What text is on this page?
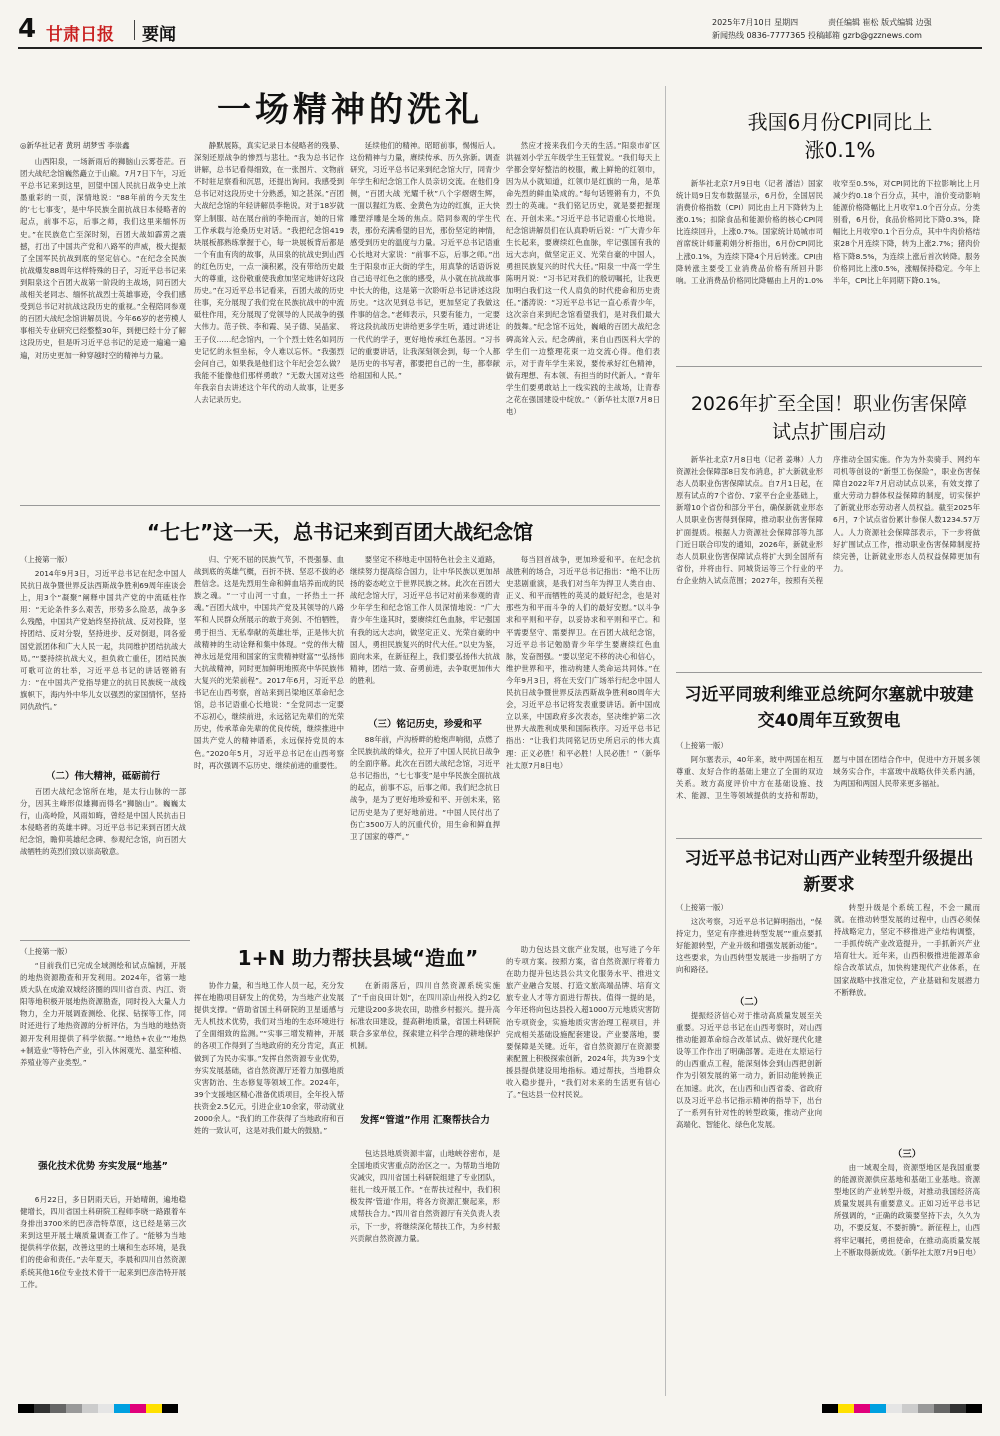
4 甘肃日报 要闻
2025年7月10日 星期四	责任编辑 崔松 版式编辑 边强
新闻热线 0836-7777365 投稿邮箱 gzrb@gzznews.com
一场精神的洗礼
◎新华社记者 黄玥 胡梦雪 李崇鑫

山西阳泉，一场新雨后的狮脑山云雾苍茫。百团大战纪念馆巍然矗立于山巅。7月7日下午，习近平总书记来到这里，回望中国人民抗日战争史上浓墨重彩的一页，深情地说：“88年前的今天发生的‘七七事变’，是中华民族全面抗战日本侵略者的起点，前事不忘，后事之师，我们这里来缅怀历史。”在民族危亡至深时刻，百团大战如霹雳之震撼，打出了中国共产党和八路军的声威，极大提振了全国军民抗战到底的坚定信心。“在纪念全民族抗战爆发88周年这样特殊的日子，习近平总书记来到阳泉这个百团大战第一阶段的主战场，同百团大战相关老同志、缅怀抗战烈士英雄事迹，令我们感受到总书记对抗战这段历史的重视。”全程陪同参观的百团大战纪念馆讲解员说。今年66岁的老劳模人事相关专业研究已经整整30年，到便已经十分了解这段历史，但是听习近平总书记的足迹一遍遍一遍遍，对历史更加一种穿越时空的精神与力量。

静默展陈，真实记录日本侵略者的残暴、深刻还原战争的惨烈与悲壮。“我为总书记作讲解，总书记看得细致，在一张图片、文物前不时驻足察看和沉思，还提出询问。我感受到总书记对这段历史十分熟悉，知之甚深。”百团大战纪念馆的年轻讲解员李艳说。对于18岁就穿上制服、站在展台前的李艳而言，她的日常工作承载与沧桑历史对话。“我把纪念馆419块展板都熟练掌握于心，每一块展板背后都是一个有血有肉的故事，从田泉的抗战史到山西的红色历史，一点一滴积累，没有带给历史最大的尊重，这份敬重使我愈加坚定地讲好这段历史。”在习近平总书记看来，百团大战的历史往事，充分展现了我们党在民族抗战中的中流砥柱作用，充分展现了党领导的人民战争的强大伟力。范子铁、李和霞、吴子德、吴晶家、王子仪……纪念馆内，一个个烈士姓名如同历史记忆的永恒坐标，令人难以忘怀。“我强烈会问自己，如果我是他们这个年纪会怎么做？我能不能像他们那样勇敢？”无数大国对这些年我亲自去讲述这个年代的动人故事，让更多人去记录历史。

延续他们的精神。昭昭前事，惕惕后人。这份精神与力量，赓续传承、历久弥新。调查研究，习近平总书记来到纪念馆大厅，同青少年学生和纪念馆工作人员亲切交流。在他们身侧，“百团大战 光耀千秋”八个字熠熠生辉，一面以猩红为底、金黄色为边的红旗，正大快雕塑浮雕是全场的焦点。陪同参观的学生代表，那份充满希望的目光，那份坚定的神情，感受到历史的温度与力量。习近平总书记语重心长地对大家说：“前事不忘，后事之师。”出生于阳泉市正大街的学生，用真挚的话语诉说自己追寻红色之旅的感受，从小就在抗战故事中长大的他，这是第一次聆听总书记讲述这段历史。“这次见到总书记，更加坚定了我做这件事的信念。”老师表示，只要有能力，一定要将这段抗战历史讲给更多学生听，通过讲述让一代代的学子，更好地传承红色基因。“习书记的重要讲话，让我深刻领会到，每一个人都是历史的书写者，都要把自己的一生，都奉献给祖国和人民。”

然应才接来我们今天的生活。”阳泉市矿区洪福刘小学五年级学生王钰萱说。“我们每天上学都会穿好整洁的校服，戴上鲜艳的红领巾，因为从小就知道，红领巾是红旗的一角，是革命先烈的鲜血染成的。”每句话铿锵有力，不负烈士的英魂。“我们铭记历史，就是要把握现在、开创未来。”习近平总书记语重心长地说。纪念馆讲解员们在认真聆听后说：“广大青少年生长起来，要赓续红色血脉，牢记强国有我的远大志向，做坚定正义、光荣自豪的中国人，勇担民族复兴的时代大任。”阳泉一中高一学生陈明月说：“习书记对我们的殷切嘱托，让我更加明白我们这一代人肩负的时代使命和历史责任。”潘涛说：“习近平总书记一直心系青少年，这次亲自来到纪念馆看望我们，是对我们最大的鼓舞。”纪念馆不远处，巍峨的百团大战纪念碑高耸入云。纪念碑前，来自山西医科大学的学生们一边整理花束一边交流心得。他们表示，对于青年学生来说，要传承好红色精神，做有理想、有本领、有担当的时代新人。“青年学生们要勇敢站上一线实践的主战场，让青春之花在强国建设中绽放。”（新华社太原7月8日电）

“七七”这一天，总书记来到百团大战纪念馆
（上接第一版）

2014年9月3日，习近平总书记在纪念中国人民抗日战争暨世界反法西斯战争胜利69周年座谈会上，用3个“凝聚”阐释中国共产党的中流砥柱作用：“无论条件多么艰苦，形势多么险恶，战争多么残酷，中国共产党始终坚持抗战、反对投降，坚持团结、反对分裂，坚持进步、反对倒退，同各爱国党派团体和广大人民一起，共同维护团结抗战大局。”“要持续抗战大义，担负救亡重任，团结民族可歌可泣的壮举，习近平总书记的讲话铿锵有力：“在中国共产党指导建立的抗日民族统一战线旗帜下，海内外中华儿女以强烈的家国情怀，坚持同仇敌忾。”

（二）伟大精神，砥砺前行

百团大战纪念馆所在地，是太行山脉的一部分，因其主峰形似雄狮而得名“狮脑山”。巍巍太行，山高岭险，风雨如晦，曾经是中国人民抗击日本侵略者的英雄丰碑。习近平总书记来到百团大战纪念馆，瞻仰英雄纪念碑、参观纪念馆，向百团大战牺牲的英烈们致以崇高敬意。

归、宁死不屈的民族气节，不畏强暴、血战到底的英雄气概，百折不挠、坚忍不拔的必胜信念。这是先烈用生命和鲜血培养而成的民族之魂。“一寸山河一寸血，一抔热土一抔魂。”百团大战中，中国共产党及其领导的八路军和人民群众所展示的敢于亮剑、不怕牺牲，勇于担当、无私奉献的英雄壮举，正是伟大抗战精神的生动诠释和集中体现。“党的伟大精神永远是党用和国家的宝贵精神财富”“弘扬伟大抗战精神，同时更加鲜明地照亮中华民族伟大复兴的光荣前程”。2017年6月，习近平总书记在山西考察，首站来到吕梁地区革命纪念馆，总书记语重心长地说：“全党同志一定要不忘初心，继续前进，永远铭记先辈们的光荣历史，传承革命先辈的优良传统，继续推进中国共产党人的精神谱系，永远保持党员的本色。”2020年5月，习近平总书记在山西考察时，再次强调不忘历史、继续前进的重要性。

要坚定不移地走中国特色社会主义道路，继续努力提高综合国力，让中华民族以更加昂扬的姿态屹立于世界民族之林。此次在百团大战纪念馆大厅，习近平总书记对前来参观的青少年学生和纪念馆工作人员深情地说：“广大青少年生逢其时，要赓续红色血脉，牢记强国有我的远大志向，做坚定正义、光荣自豪的中国人，勇担民族复兴的时代大任。”以史为鉴，面向未来，在新征程上，我们要弘扬伟大抗战精神，团结一致、奋勇前进，去争取更加伟大的胜利。

（三）铭记历史，珍爱和平

88年前，卢沟桥畔的枪炮声响彻，点燃了全民族抗战的烽火，拉开了中国人民抗日战争的全面序幕。此次在百团大战纪念馆，习近平总书记指出，“七七事变”是中华民族全面抗战的起点，前事不忘，后事之师。我们纪念抗日战争，是为了更好地珍爱和平、开创未来，铭记历史是为了更好地前进。“中国人民付出了伤亡3500万人的沉重代价，用生命和鲜血捍卫了国家的尊严。”

每当回首战争，更加珍爱和平。在纪念抗战胜利的场合，习近平总书记指出：“绝不让历史悲剧重演，是我们对当年为捍卫人类自由、正义、和平而牺牲的英灵的最好纪念，也是对那些为和平而斗争的人们的最好安慰。”以斗争求和平则和平存，以妥协求和平则和平亡。和平需要坚守、需要捍卫。在百团大战纪念馆，习近平总书记勉励青少年学生要赓续红色血脉，发奋图强。“要以坚定不移的决心和信心，维护世界和平，推动构建人类命运共同体。”在今年9月3日，将在天安门广场举行纪念中国人民抗日战争暨世界反法西斯战争胜利80周年大会，习近平总书记将发表重要讲话。新中国成立以来，中国政府多次表态，坚决维护第二次世界大战胜利成果和国际秩序。习近平总书记指出：“让我们共同铭记历史所启示的伟大真理：正义必胜！和平必胜！人民必胜！”（新华社太原7月8日电）

1+N 助力帮扶县域“造血”
（上接第一版）

“目前我们已完成全域测绘和试点编制，开展的地热资源勘查和开发利用。2024年，省第一地质大队在成渝双城经济圈的四川省自贡、内江、资阳等地积极开展地热资源勘查，同时投入大量人力物力，全力开展调查测绘、化探、钻探等工作，同时还进行了地热资源的分析评估，为当地的地热资源开发利用提供了科学依据。”“地热+农业”“地热+制造业”等特色产业，引入休闲观光、温室种植、养殖业等产业类型。”

强化技术优势 夯实发展“地基”

6月22日，多日阴雨天后，开始晴朗，遍地稳健增长，四川省国土科研院工程师李晓一路跟着车身排出3700米的巴彦浩特草原，这已经是第三次来到这里开展土壤质量调查工作了。“能够为当地提供科学依据，改善这里的土壤和生态环境，是我们的使命和责任。”去年夏天，李晨和四川自然资源系统其他16位专业技术骨干一起来到巴彦浩特开展工作。

协作力量，和当地工作人员一起，充分发挥在地勘项目研发上的优势，为当地产业发展提供支撑。“借助省国土科研院的卫星遥感与无人机技术优势，我们对当地的生态环境进行了全面细致的监测。”“实事三增发精神，开展的各项工作得到了当地政府的充分肯定，真正做到了为民办实事。”发挥自然资源专业优势，夯实发展基础，省自然资源厅还着力加强地质灾害防治、生态修复等领域工作。2024年，39个支援地区精心准备优质项目，全年投入帮扶资金2.5亿元，引进企业10余家，带动就业2000余人。“我们的工作获得了当地政府和百姓的一致认可，这是对我们最大的鼓励。”

在新雨落后，四川自然资源系统实施了“千亩良田计划”，在四川凉山州投入约2亿元建设200多块农田，助推乡村振兴。提升高标准农田建设，提高耕地质量，省国土科研院联合多家单位，探索建立科学合理的耕地保护机制。

发挥“管道”作用 汇聚帮扶合力

包达县地质资源丰富，山地峡谷密布，是全国地质灾害重点防治区之一。为帮助当地防灾减灾，四川省国土科研院组建了专业团队，驻扎一线开展工作。“在帮扶过程中，我们积极发挥‘管道’作用，将各方资源汇聚起来，形成帮扶合力。”四川省自然资源厅有关负责人表示，下一步，将继续深化帮扶工作，为乡村振兴贡献自然资源力量。

助力包达县文旅产业发展，也写进了今年的专项方案。按照方案，省自然资源厅将着力在助力提升包达县公共文化服务水平、推进文旅产业融合发展、打造文旅高端品牌、培育文旅专业人才等方面进行帮扶。值得一提的是，今年还将向包达县投入超1000万元地质灾害防治专项资金，实施地质灾害治理工程项目，并完成相关基础设施配套建设。产业要落地，要要保障是关键。近年，省自然资源厅在资源要素配置上积极探索创新，2024年，共为39个支援县提供建设用地指标。通过帮扶，当地群众收入稳步提升，“我们对未来的生活更有信心了。”包达县一位村民说。

我国6月份CPI同比上涨0.1%

新华社北京7月9日电（记者 潘洁）国家统计局9日发布数据显示，6月份，全国居民消费价格指数（CPI）同比由上月下降转为上涨0.1%；扣除食品和能源价格的核心CPI同比连续回升，上涨0.7%。国家统计局城市司首席统计师董莉娟分析指出，6月份CPI同比上涨0.1%，为连续下降4个月后转涨。CPI由降转涨主要受工业消费品价格有所回升影响。工业消费品价格同比降幅由上月的1.0%收窄至0.5%，对CPI同比的下拉影响比上月减少约0.18个百分点，其中，油价变动影响能源价格降幅比上月收窄1.0个百分点。分类别看，6月份，食品价格同比下降0.3%，降幅比上月收窄0.1个百分点，其中牛肉价格结束28个月连续下降，转为上涨2.7%；猪肉价格下降8.5%，为连续上涨后首次转降。服务价格同比上涨0.5%，涨幅保持稳定。今年上半年，CPI比上年同期下降0.1%。

2026年扩至全国！职业伤害保障试点扩围启动

新华社北京7月8日电（记者 姜琳）人力资源社会保障部8日发布消息，扩大新就业形态人员职业伤害保障试点。自7月1日起，在原有试点的7个省份、7家平台企业基础上，新增10个省份和部分平台，确保新就业形态人员职业伤害得到保障，推动职业伤害保障扩面提质。根据人力资源社会保障部等九部门近日联合印发的通知，2026年，新就业形态人员职业伤害保障试点将扩大到全国所有省份，并将由行、同城货运等三个行业的平台企业纳入试点范围；2027年，按照有关程序推动全国实施。作为为外卖骑手、网约车司机等创设的“新型工伤保险”，职业伤害保障自2022年7月启动试点以来，有效支撑了重大劳动力群体权益保障的制度，切实保护了新就业形态劳动者人员权益。截至2025年6月，7个试点省份累计参保人数1234.57万人。人力资源社会保障部表示，下一步将做好扩围试点工作，推动职业伤害保障制度持续完善，让新就业形态人员权益保障更加有力。

习近平同玻利维亚总统阿尔塞就中玻建交40周年互致贺电
（上接第一版）

阿尔塞表示，40年来，玻中两国在相互尊重、友好合作的基础上建立了全面的双边关系。玻方高度评价中方在基础设施、技术、能源、卫生等领域提供的支持和帮助，愿与中国在团结合作中，促进中方开展多领域务实合作，丰富玻中战略伙伴关系内涵，为两国和两国人民带来更多福祉。

习近平总书记对山西产业转型升级提出新要求
（上接第一版）

这次考察，习近平总书记鲜明指出，“保持定力，坚定有序推进转型发展”“重点要抓好能源转型，产业升级和增强发展新动能”。这些要求，为山西转型发展进一步指明了方向和路径。

（二）

提振经济信心对于推动高质量发展至关重要。习近平总书记在山西考察时，对山西推动能源革命综合改革试点、做好现代化建设等工作作出了明确部署。走进在太原运行的山西重点工程，能深刻体会到山西把创新作为引领发展的第一动力，新旧动能转换正在加速。此次，在山西和山西省委、省政府以及习近平总书记指示精神的指导下，出台了一系列有针对性的转型政策，推动产业向高端化、智能化、绿色化发展。

转型升级是个系统工程，不会一蹴而就。在推动转型发展的过程中，山西必须保持战略定力，坚定不移推进产业结构调整，一手抓传统产业改造提升，一手抓新兴产业培育壮大。近年来，山西积极推进能源革命综合改革试点，加快构建现代产业体系，在国家战略中找准定位，产业基础和发展潜力不断释放。

（三）

由一域观全局，资源型地区是我国重要的能源资源供应基地和基础工业基地。资源型地区的产业转型升级，对推动我国经济高质量发展具有重要意义。正如习近平总书记所强调的，“正确的政策要坚持下去，久久为功，不要反复、不要折腾”。新征程上，山西将牢记嘱托，勇担使命，在推动高质量发展上不断取得新成效。（新华社太原7月9日电）
